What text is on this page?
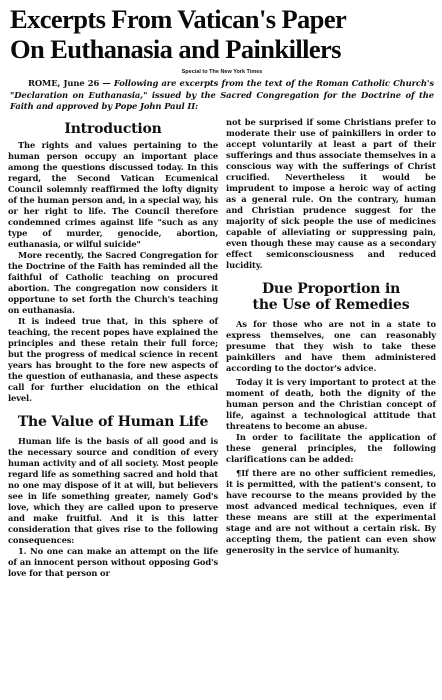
Excerpts From Vatican's Paper
On Euthanasia and Painkillers
Special to The New York Times

ROME, June 26 — Following are excerpts from the text of the Roman Catholic Church's "Declaration on Euthanasia," issued by the Sacred Congregation for the Doctrine of the Faith and approved by Pope John Paul II:

Introduction

The rights and values pertaining to the human person occupy an important place among the questions discussed today. In this regard, the Second Vatican Ecumenical Council solemnly reaffirmed the lofty dignity of the human person and, in a special way, his or her right to life. The Council therefore condemned crimes against life "such as any type of murder, genocide, abortion, euthanasia, or wilful suicide"

More recently, the Sacred Congregation for the Doctrine of the Faith has reminded all the faithful of Catholic teaching on procured abortion. The congregation now considers it opportune to set forth the Church's teaching on euthanasia.

It is indeed true that, in this sphere of teaching, the recent popes have explained the principles and these retain their full force; but the progress of medical science in recent years has brought to the fore new aspects of the question of euthanasia, and these aspects call for further elucidation on the ethical level.

The Value of Human Life

Human life is the basis of all good and is the necessary source and condition of every human activity and of all society. Most people regard life as something sacred and hold that no one may dispose of it at will, but believers see in life something greater, namely God's love, which they are called upon to preserve and make fruitful. And it is this latter consideration that gives rise to the following consequences:

1. No one can make an attempt on the life of an innocent person without opposing God's love for that person or

not be surprised if some Christians prefer to moderate their use of painkillers in order to accept voluntarily at least a part of their sufferings and thus associate themselves in a conscious way with the sufferings of Christ crucified. Nevertheless it would be imprudent to impose a heroic way of acting as a general rule. On the contrary, human and Christian prudence suggest for the majority of sick people the use of medicines capable of alleviating or suppressing pain, even though these may cause as a secondary effect semiconsciousness and reduced lucidity.

Due Proportion in
the Use of Remedies

As for those who are not in a state to express themselves, one can reasonably presume that they wish to take these painkillers and have them administered according to the doctor's advice.

Today it is very important to protect at the moment of death, both the dignity of the human person and the Christian concept of life, against a technological attitude that threatens to become an abuse.

In order to facilitate the application of these general principles, the following clarifications can be added:

¶If there are no other sufficient remedies, it is permitted, with the patient's consent, to have recourse to the means provided by the most advanced medical techniques, even if these means are still at the experimental stage and are not without a certain risk. By accepting them, the patient can even show generosity in the service of humanity.
